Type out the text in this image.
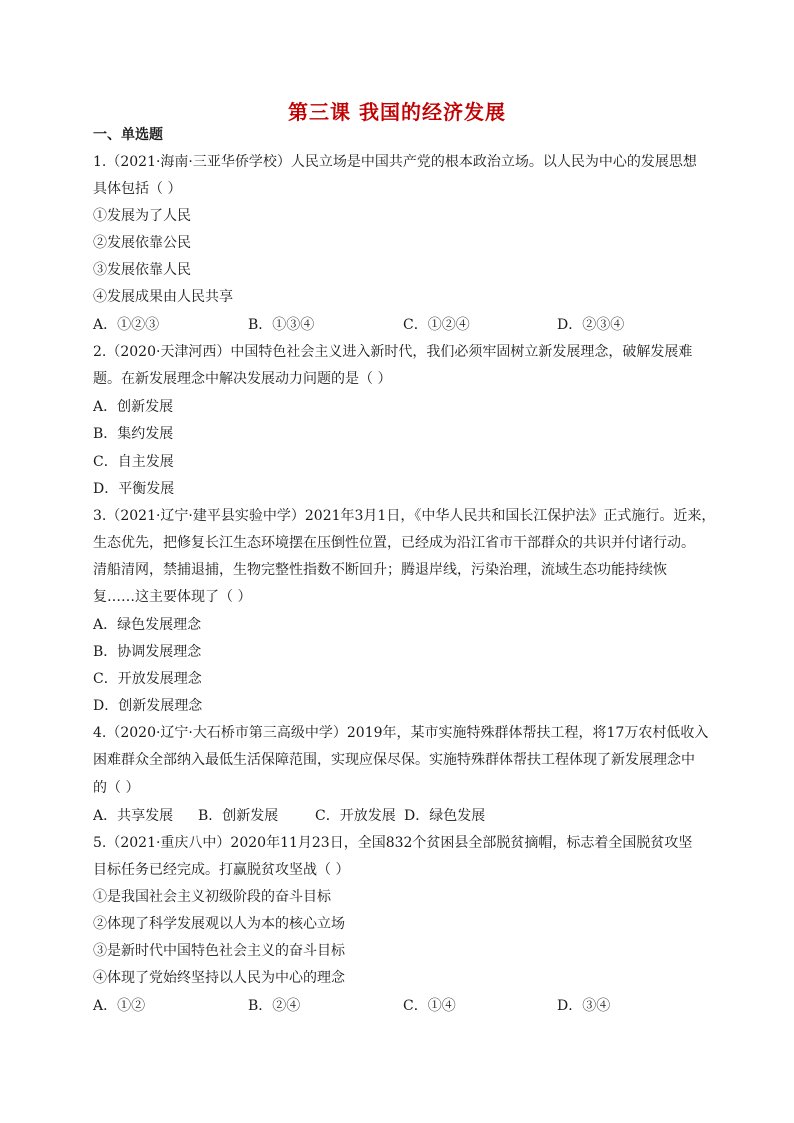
第三课 我国的经济发展
一、单选题
1.（2021·海南·三亚华侨学校）人民立场是中国共产党的根本政治立场。以人民为中心的发展思想
具体包括（ ）
①发展为了人民
②发展依靠公民
③发展依靠人民
④发展成果由人民共享
A．①②③	B．①③④	C．①②④	D．②③④
2.（2020·天津河西）中国特色社会主义进入新时代，我们必须牢固树立新发展理念，破解发展难
题。在新发展理念中解决发展动力问题的是（ ）
A．创新发展
B．集约发展
C．自主发展
D．平衡发展
3.（2021·辽宁·建平县实验中学）2021年3月1日，《中华人民共和国长江保护法》正式施行。近来，
生态优先，把修复长江生态环境摆在压倒性位置，已经成为沿江省市干部群众的共识并付诸行动。
清船清网，禁捕退捕，生物完整性指数不断回升；腾退岸线，污染治理，流域生态功能持续恢
复……这主要体现了（ ）
A．绿色发展理念
B．协调发展理念
C．开放发展理念
D．创新发展理念
4.（2020·辽宁·大石桥市第三高级中学）2019年，某市实施特殊群体帮扶工程，将17万农村低收入
困难群众全部纳入最低生活保障范围，实现应保尽保。实施特殊群体帮扶工程体现了新发展理念中
的（ ）
A．共享发展 B．创新发展	C．开放发展 D．绿色发展
5.（2021·重庆八中）2020年11月23日，全国832个贫困县全部脱贫摘帽，标志着全国脱贫攻坚
目标任务已经完成。打赢脱贫攻坚战（ ）
①是我国社会主义初级阶段的奋斗目标
②体现了科学发展观以人为本的核心立场
③是新时代中国特色社会主义的奋斗目标
④体现了党始终坚持以人民为中心的理念
A．①②	B．②④	C．①④	D．③④
